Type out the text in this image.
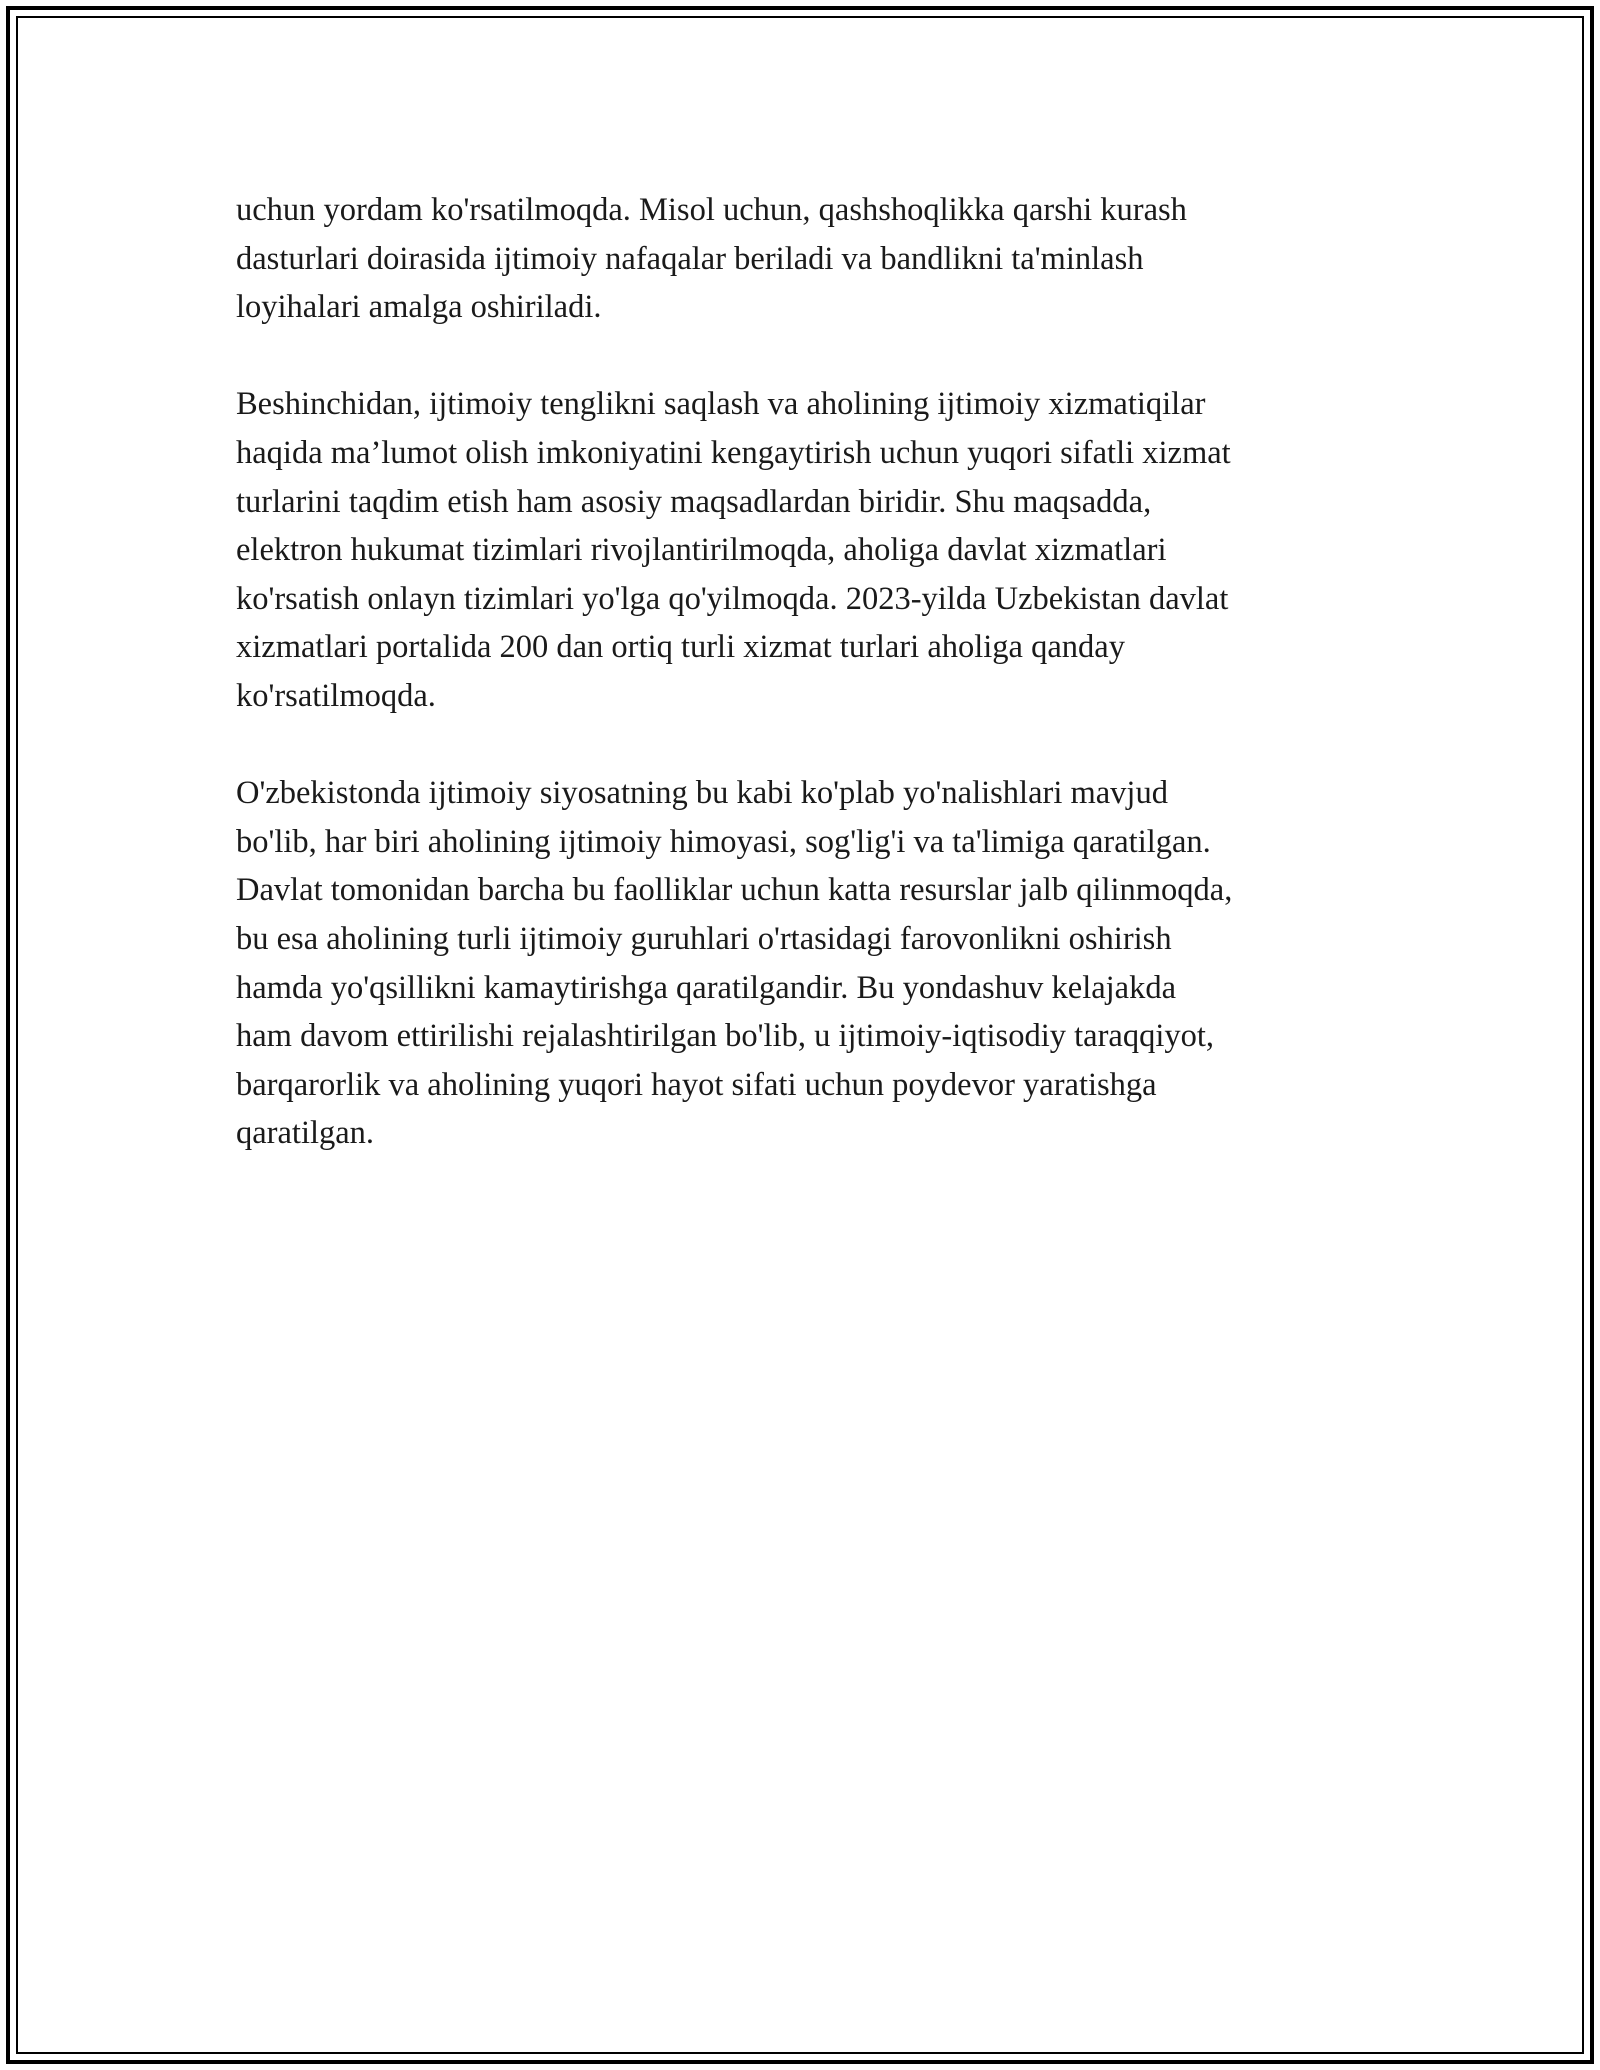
uchun yordam ko'rsatilmoqda. Misol uchun, qashshoqlikka qarshi kurash
dasturlari doirasida ijtimoiy nafaqalar beriladi va bandlikni ta'minlash
loyihalari amalga oshiriladi.

Beshinchidan, ijtimoiy tenglikni saqlash va aholining ijtimoiy xizmatiqilar
haqida ma’lumot olish imkoniyatini kengaytirish uchun yuqori sifatli xizmat
turlarini taqdim etish ham asosiy maqsadlardan biridir. Shu maqsadda,
elektron hukumat tizimlari rivojlantirilmoqda, aholiga davlat xizmatlari
ko'rsatish onlayn tizimlari yo'lga qo'yilmoqda. 2023-yilda Uzbekistan davlat
xizmatlari portalida 200 dan ortiq turli xizmat turlari aholiga qanday
ko'rsatilmoqda.

O'zbekistonda ijtimoiy siyosatning bu kabi ko'plab yo'nalishlari mavjud
bo'lib, har biri aholining ijtimoiy himoyasi, sog'lig'i va ta'limiga qaratilgan.
Davlat tomonidan barcha bu faolliklar uchun katta resurslar jalb qilinmoqda,
bu esa aholining turli ijtimoiy guruhlari o'rtasidagi farovonlikni oshirish
hamda yo'qsillikni kamaytirishga qaratilgandir. Bu yondashuv kelajakda
ham davom ettirilishi rejalashtirilgan bo'lib, u ijtimoiy-iqtisodiy taraqqiyot,
barqarorlik va aholining yuqori hayot sifati uchun poydevor yaratishga
qaratilgan.
